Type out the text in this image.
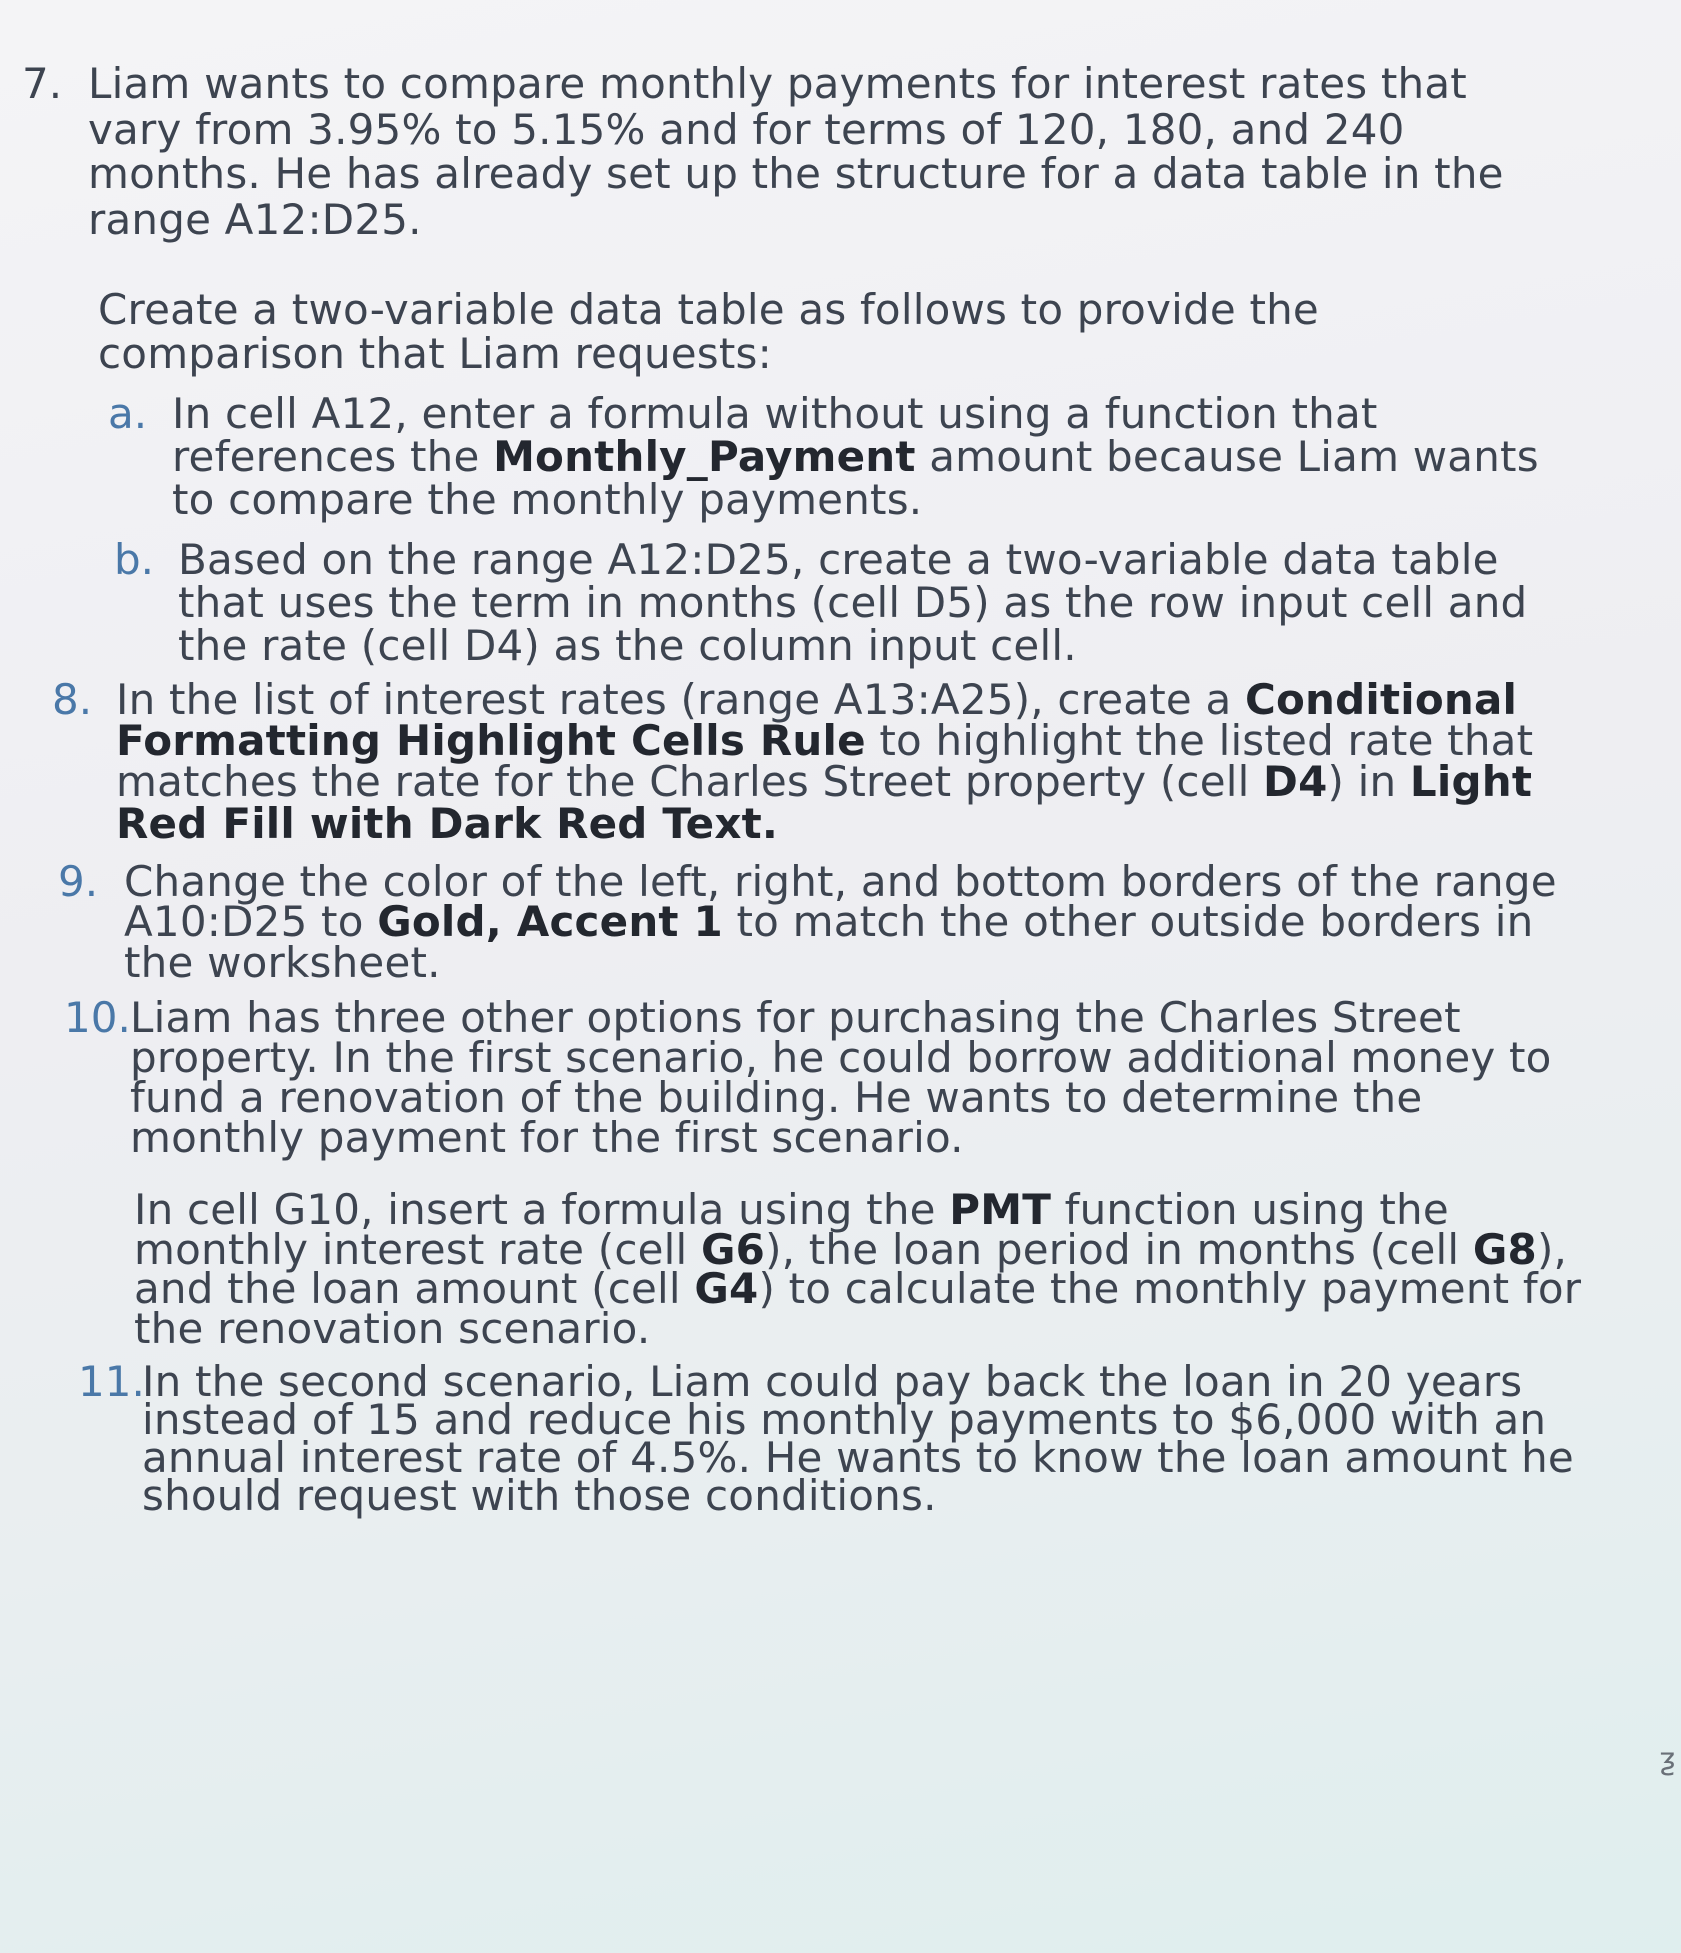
7. Liam wants to compare monthly payments for interest rates that
vary from 3.95% to 5.15% and for terms of 120, 180, and 240
months. He has already set up the structure for a data table in the
range A12:D25.
Create a two-variable data table as follows to provide the
comparison that Liam requests:
a. In cell A12, enter a formula without using a function that
references the Monthly_Payment amount because Liam wants
to compare the monthly payments.
b. Based on the range A12:D25, create a two-variable data table
that uses the term in months (cell D5) as the row input cell and
the rate (cell D4) as the column input cell.
8. In the list of interest rates (range A13:A25), create a Conditional
Formatting Highlight Cells Rule to highlight the listed rate that
matches the rate for the Charles Street property (cell D4) in Light
Red Fill with Dark Red Text.
9. Change the color of the left, right, and bottom borders of the range
A10:D25 to Gold, Accent 1 to match the other outside borders in
the worksheet.
10. Liam has three other options for purchasing the Charles Street
property. In the first scenario, he could borrow additional money to
fund a renovation of the building. He wants to determine the
monthly payment for the first scenario.
In cell G10, insert a formula using the PMT function using the
monthly interest rate (cell G6), the loan period in months (cell G8),
and the loan amount (cell G4) to calculate the monthly payment for
the renovation scenario.
11.
In the second scenario, Liam could pay back the loan in 20 years
instead of 15 and reduce his monthly payments to $6,000 with an
annual interest rate of 4.5%. He wants to know the loan amount he
should request with those conditions.
ƺ
